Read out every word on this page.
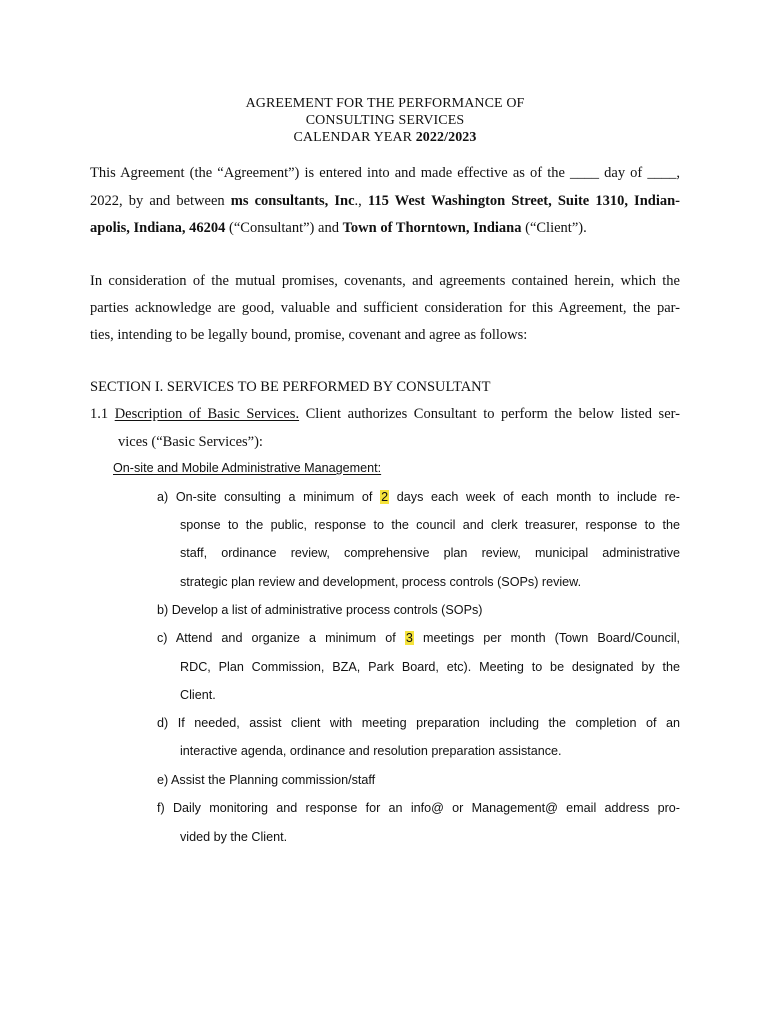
AGREEMENT FOR THE PERFORMANCE OF
CONSULTING SERVICES
CALENDAR YEAR 2022/2023
This Agreement (the “Agreement”) is entered into and made effective as of the ____ day of ____,
2022, by and between ms consultants, Inc., 115 West Washington Street, Suite 1310, Indian-
apolis, Indiana, 46204 (“Consultant”) and Town of Thorntown, Indiana (“Client”).
In consideration of the mutual promises, covenants, and agreements contained herein, which the
parties acknowledge are good, valuable and sufficient consideration for this Agreement, the par-
ties, intending to be legally bound, promise, covenant and agree as follows:
SECTION I. SERVICES TO BE PERFORMED BY CONSULTANT
1.1 Description of Basic Services. Client authorizes Consultant to perform the below listed ser-
vices (“Basic Services”):
On-site and Mobile Administrative Management:
a) On-site consulting a minimum of 2 days each week of each month to include re-
sponse to the public, response to the council and clerk treasurer, response to the
staff, ordinance review, comprehensive plan review, municipal administrative
strategic plan review and development, process controls (SOPs) review.
b) Develop a list of administrative process controls (SOPs)
c) Attend and organize a minimum of 3 meetings per month (Town Board/Council,
RDC, Plan Commission, BZA, Park Board, etc). Meeting to be designated by the
Client.
d) If needed, assist client with meeting preparation including the completion of an
interactive agenda, ordinance and resolution preparation assistance.
e) Assist the Planning commission/staff
f) Daily monitoring and response for an info@ or Management@ email address pro-
vided by the Client.
